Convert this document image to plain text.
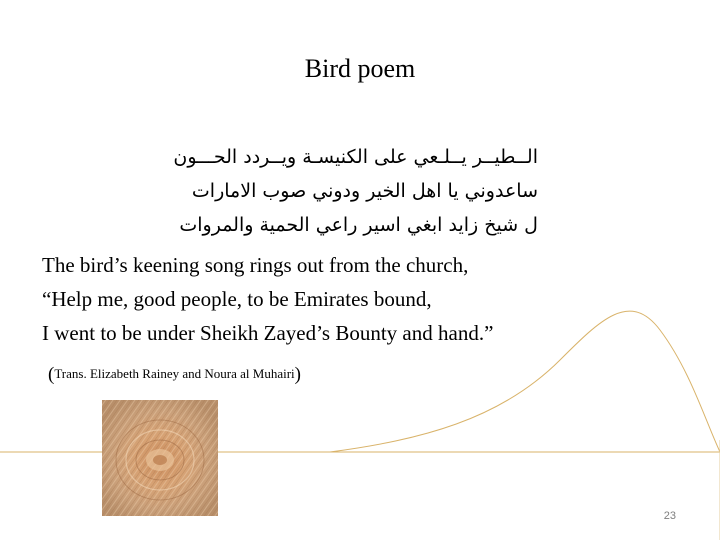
Bird poem
الــطيــر يــلـعي على الكنيسـة ويــردد الحـــون
ساعدوني يا اهل الخير ودوني صوب الامارات
ل شيخ زايد ابغي اسير راعي الحمية والمروات
The bird’s keening song rings out from the church,
“Help me, good people, to be Emirates bound,
I went to be under Sheikh Zayed’s Bounty and hand.”
(Trans. Elizabeth Rainey and Noura al Muhairi)
23
